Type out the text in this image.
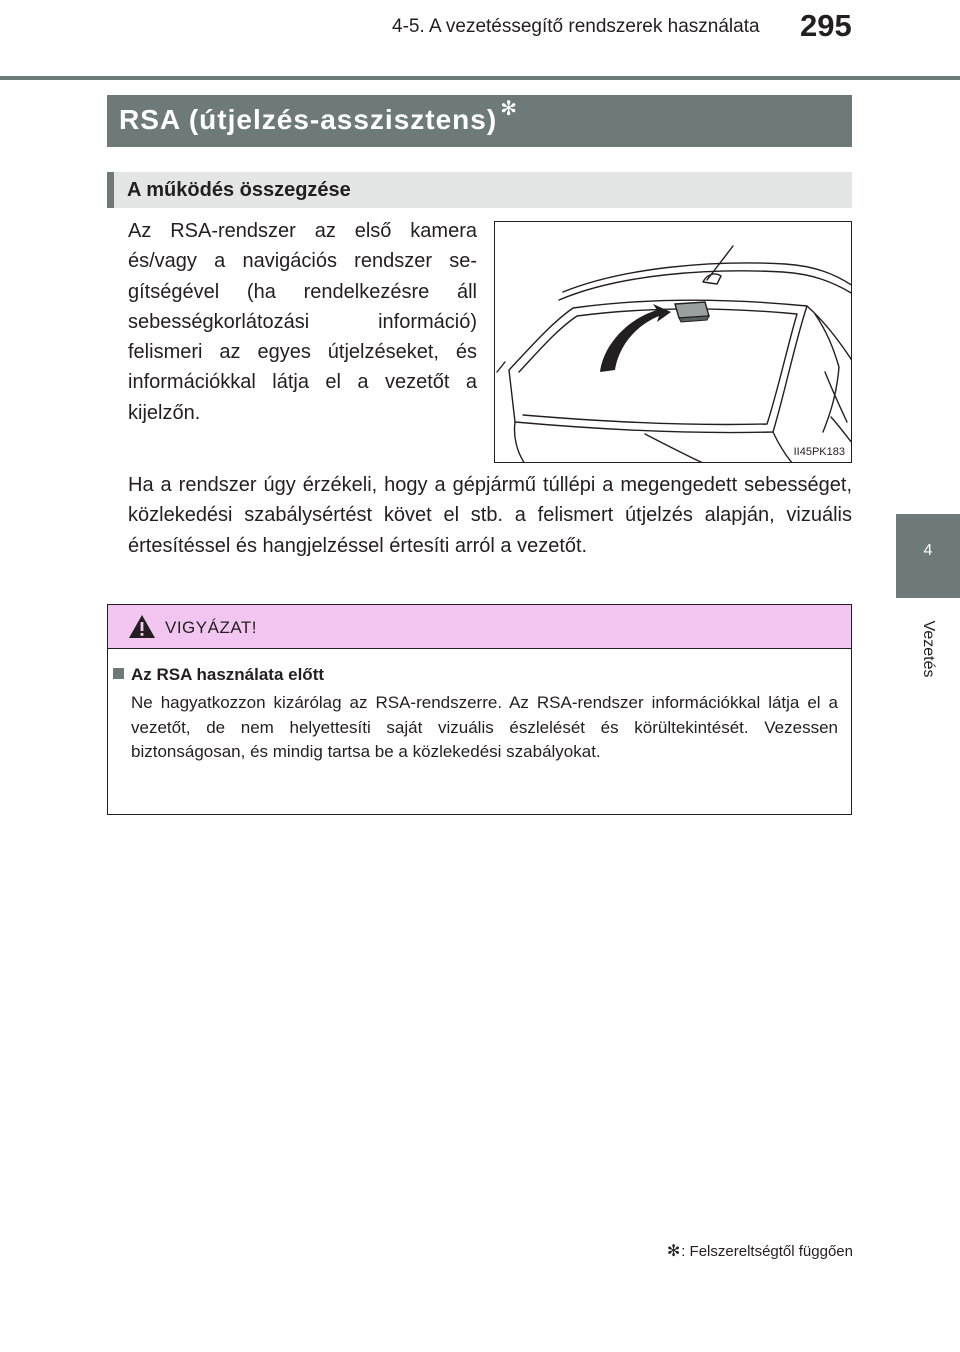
4-5. A vezetéssegítő rendszerek használata	295
4
Vezetés
RSA (útjelzés-asszisztens) ✻
A működés összegzése
Az RSA-rendszer az első kamera és/vagy a navigációs rendszer segítségével (ha rendelkezésre áll sebességkorlátozási információ) felismeri az egyes útjelzéseket, és információkkal látja el a vezetőt a kijelzőn.
II45PK183
Ha a rendszer úgy érzékeli, hogy a gépjármű túllépi a megengedett sebességet, közlekedési szabálysértést követ el stb. a felismert útjelzés alapján, vizuális értesítéssel és hangjelzéssel értesíti arról a vezetőt.
VIGYÁZAT!
Az RSA használata előtt
Ne hagyatkozzon kizárólag az RSA-rendszerre. Az RSA-rendszer információkkal látja el a vezetőt, de nem helyettesíti saját vizuális észlelését és körültekintését. Vezessen biztonságosan, és mindig tartsa be a közlekedési szabályokat.
✻: Felszereltségtől függően
